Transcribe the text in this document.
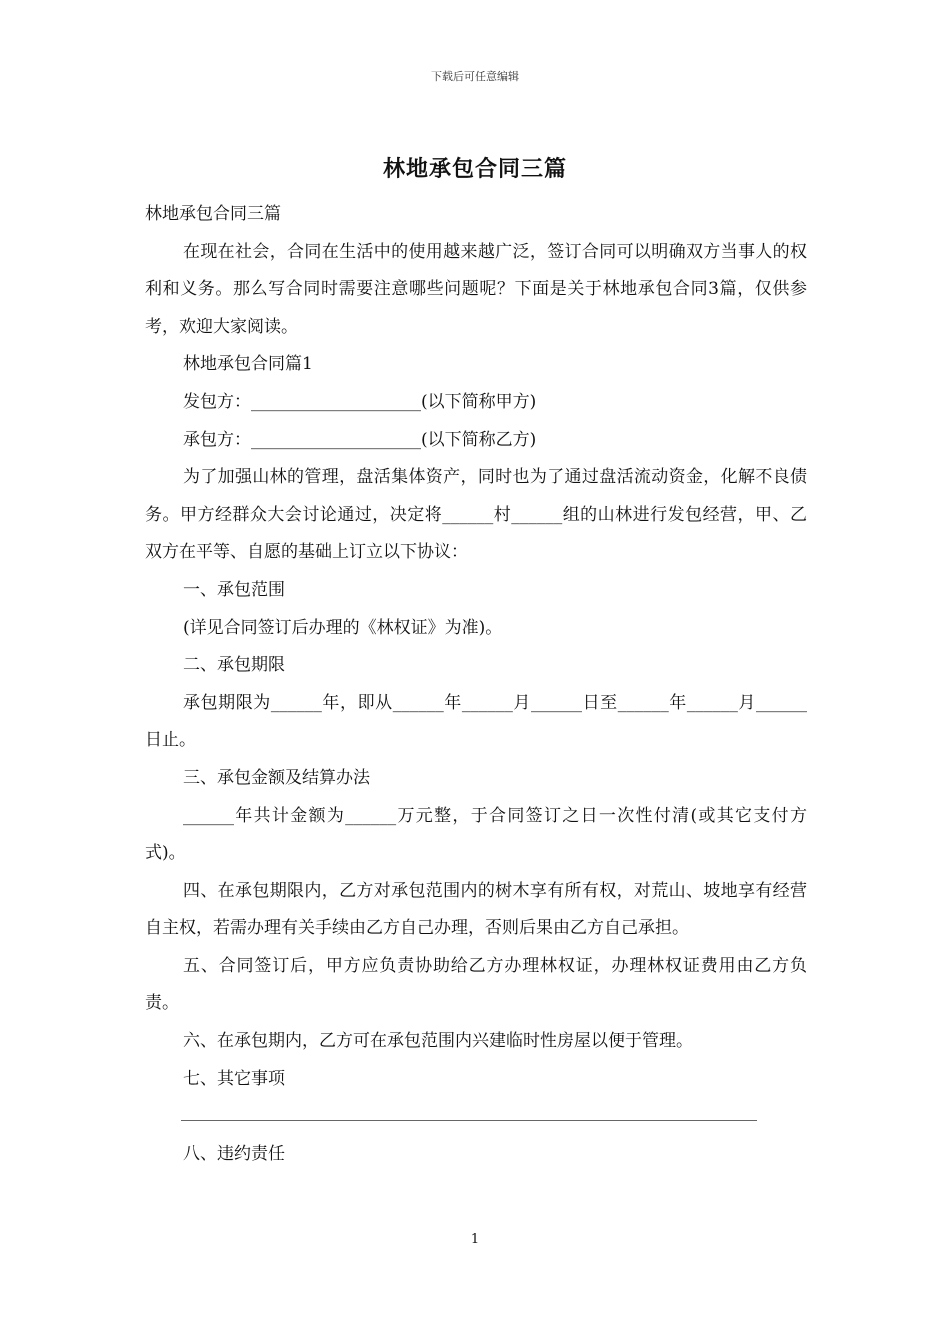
下载后可任意编辑
林地承包合同三篇

林地承包合同三篇

在现在社会，合同在生活中的使用越来越广泛，签订合同可以明确双方当事人的权利和义务。那么写合同时需要注意哪些问题呢？下面是关于林地承包合同3篇，仅供参考，欢迎大家阅读。

林地承包合同篇1

发包方：____________________(以下简称甲方)

承包方：____________________(以下简称乙方)

为了加强山林的管理，盘活集体资产，同时也为了通过盘活流动资金，化解不良债务。甲方经群众大会讨论通过，决定将______村______组的山林进行发包经营，甲、乙双方在平等、自愿的基础上订立以下协议：

一、承包范围

(详见合同签订后办理的《林权证》为准)。

二、承包期限

承包期限为______年，即从______年______月______日至______年______月______日止。

三、承包金额及结算办法

______年共计金额为______万元整，于合同签订之日一次性付清(或其它支付方式)。

四、在承包期限内，乙方对承包范围内的树木享有所有权，对荒山、坡地享有经营自主权，若需办理有关手续由乙方自己办理，否则后果由乙方自己承担。

五、合同签订后，甲方应负责协助给乙方办理林权证，办理林权证费用由乙方负责。

六、在承包期内，乙方可在承包范围内兴建临时性房屋以便于管理。

七、其它事项

八、违约责任

1
